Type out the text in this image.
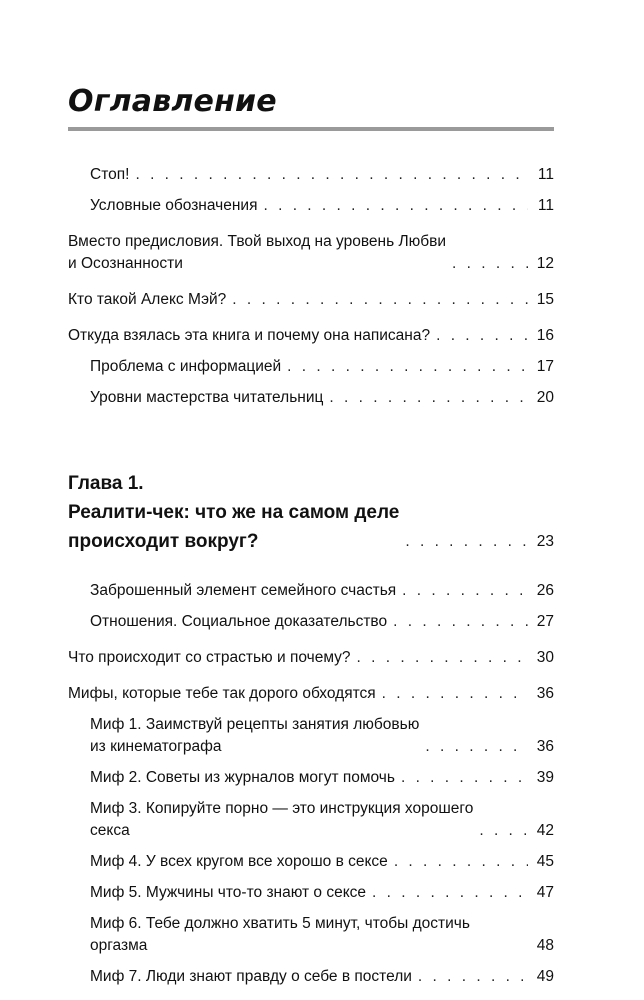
Оглавление
Стоп! . . .	11
Условные обозначения . . .	11
Вместо предисловия. Твой выход на уровень Любви
и Осознанности . . .	12
Кто такой Алекс Мэй? . . .	15
Откуда взялась эта книга и почему она написана? . . .	16
Проблема с информацией . . .	17
Уровни мастерства читательниц . . .	20
Глава 1.
Реалити-чек: что же на самом деле
происходит вокруг? . . .	23
Заброшенный элемент семейного счастья . . .	26
Отношения. Социальное доказательство . . .	27
Что происходит со страстью и почему? . . .	30
Мифы, которые тебе так дорого обходятся . . .	36
Миф 1. Заимствуй рецепты занятия любовью
из кинематографа . . .	36
Миф 2. Советы из журналов могут помочь . . .	39
Миф 3. Копируйте порно — это инструкция хорошего
секса . . .	42
Миф 4. У всех кругом все хорошо в сексе . . .	45
Миф 5. Мужчины что-то знают о сексе . . .	47
Миф 6. Тебе должно хватить 5 минут, чтобы достичь оргазма	48
Миф 7. Люди знают правду о себе в постели . . .	49
